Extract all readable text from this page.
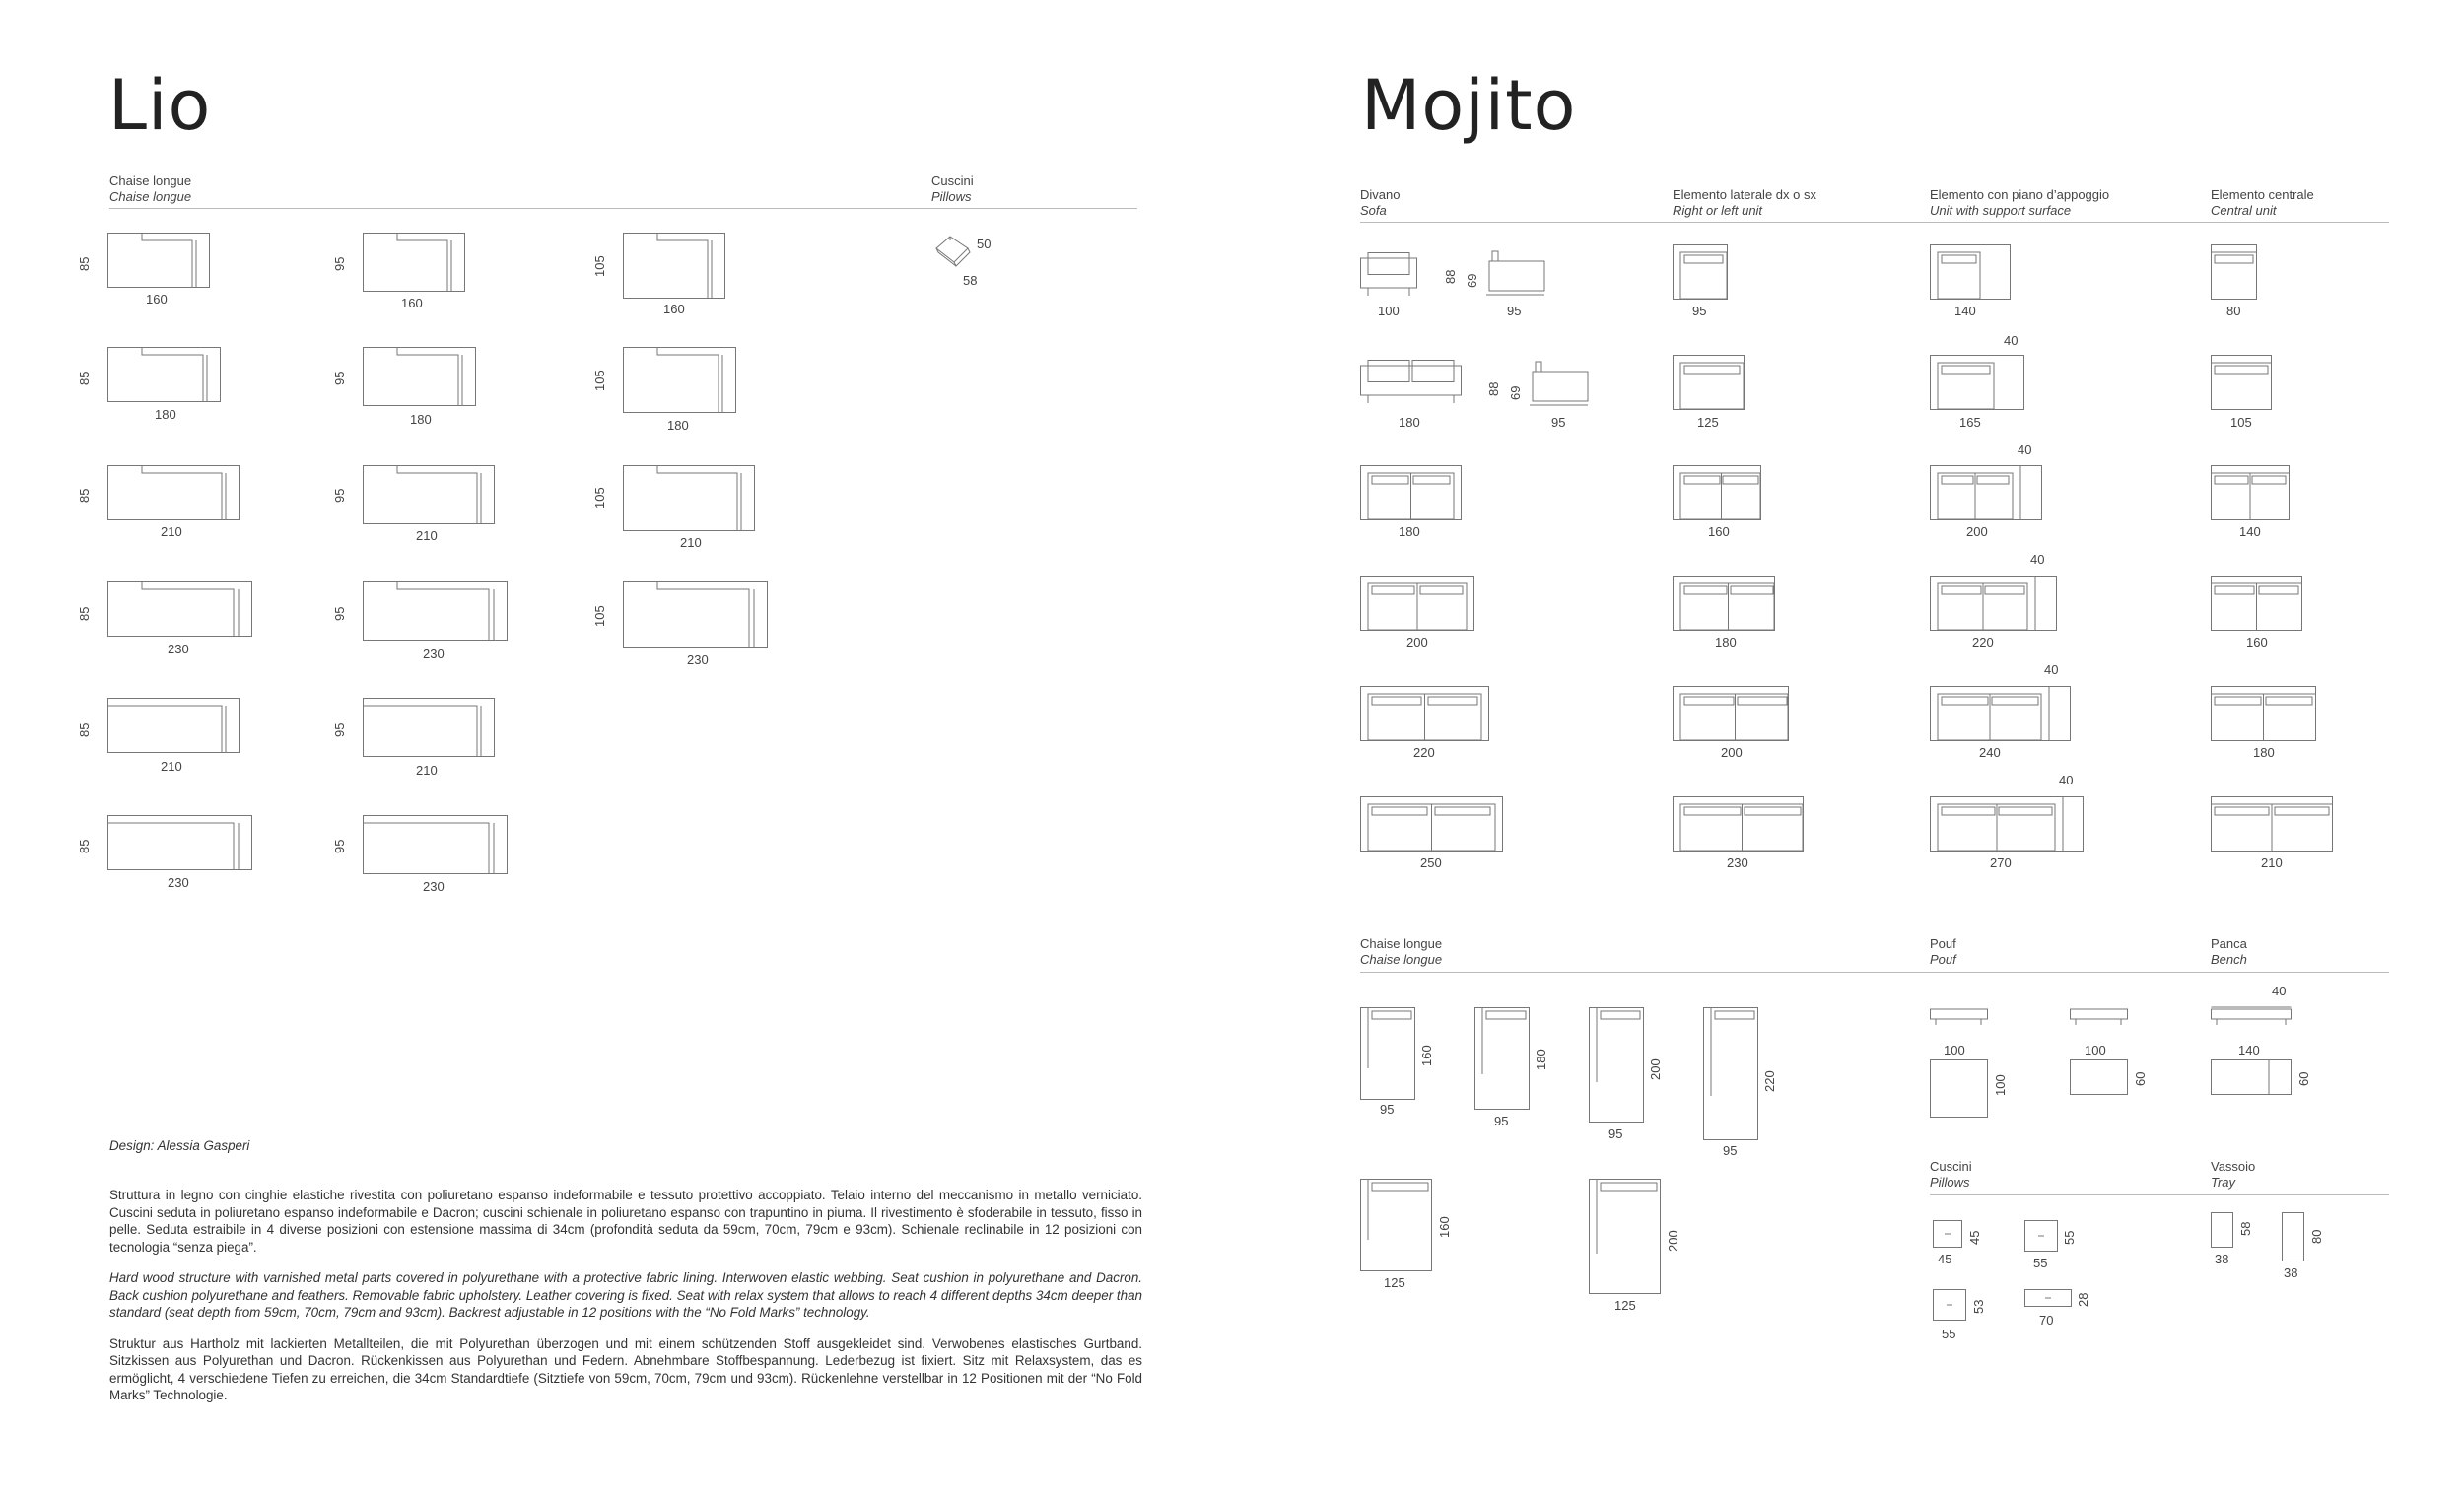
Lio
Chaise longue
Chaise longue
Cuscini
Pillows
85
160
85
180
85
210
85
230
85
210
85
230
95
160
95
180
95
210
95
230
95
210
95
230
105
160
105
180
105
210
105
230
50
58
Design: Alessia Gasperi

Struttura in legno con cinghie elastiche rivestita con poliuretano espanso indeformabile e tessuto protettivo accoppiato. Telaio interno del meccanismo in metallo verniciato. Cuscini seduta in poliuretano espanso indeformabile e Dacron; cuscini schienale in poliuretano espanso con trapuntino in piuma. Il rivestimento è sfoderabile in tessuto, fisso in pelle. Seduta estraibile in 4 diverse posizioni con estensione massima di 34cm (profondità seduta da 59cm, 70cm, 79cm e 93cm). Schienale reclinabile in 12 posizioni con tecnologia “senza piega”.

Hard wood structure with varnished metal parts covered in polyurethane with a protective fabric lining. Interwoven elastic webbing. Seat cushion in polyurethane and Dacron. Back cushion polyurethane and feathers. Removable fabric upholstery. Leather covering is fixed. Seat with relax system that allows to reach 4 different depths 34cm deeper than standard (seat depth from 59cm, 70cm, 79cm and 93cm). Backrest adjustable in 12 positions with the “No Fold Marks” technology.

Struktur aus Hartholz mit lackierten Metallteilen, die mit Polyurethan überzogen und mit einem schützenden Stoff ausgekleidet sind. Verwobenes elastisches Gurtband. Sitzkissen aus Polyurethan und Dacron. Rückenkissen aus Polyurethan und Federn. Abnehmbare Stoffbespannung. Lederbezug ist fixiert. Sitz mit Relaxsystem, das es ermöglicht, 4 verschiedene Tiefen zu erreichen, die 34cm Standardtiefe (Sitztiefe von 59cm, 70cm, 79cm und 93cm). Rückenlehne verstellbar in 12 Positionen mit der “No Fold Marks” Technologie.

Mojito
Divano
Sofa
Elemento laterale dx o sx
Right or left unit
Elemento con piano d’appoggio
Unit with support surface
Elemento centrale
Central unit
100
88 69
95
180
88 69
95
180
200
220
250
95
125
160
180
200
230
140
40
165
40
200
40
220
40
240
40
270
80
105
140
160
180
210
Chaise longue
Chaise longue
Pouf
Pouf
Panca
Bench
160
95
180
95
200
95
220
95
160
125
200
125
100
100
100
60
40
140
60
Cuscini
Pillows
Vassoio
Tray
45
45
55
55
53
55
28
70
58
38
80
38
